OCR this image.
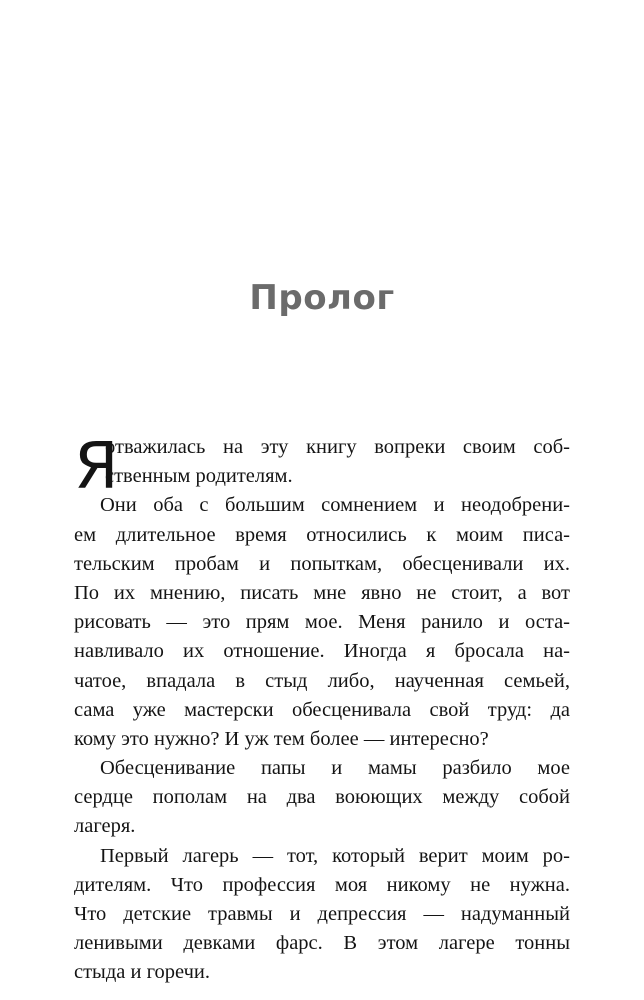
Пролог
Я
отважилась на эту книгу вопреки своим соб-
ственным родителям.
Они оба с большим сомнением и неодобрени-
ем длительное время относились к моим писа-
тельским пробам и попыткам, обесценивали их.
По их мнению, писать мне явно не стоит, а вот
рисовать — это прям мое. Меня ранило и оста-
навливало их отношение. Иногда я бросала на-
чатое, впадала в стыд либо, наученная семьей,
сама уже мастерски обесценивала свой труд: да
кому это нужно? И уж тем более — интересно?
Обесценивание папы и мамы разбило мое
сердце пополам на два воюющих между собой
лагеря.
Первый лагерь — тот, который верит моим ро-
дителям. Что профессия моя никому не нужна.
Что детские травмы и депрессия — надуманный
ленивыми девками фарс. В этом лагере тонны
стыда и горечи.
